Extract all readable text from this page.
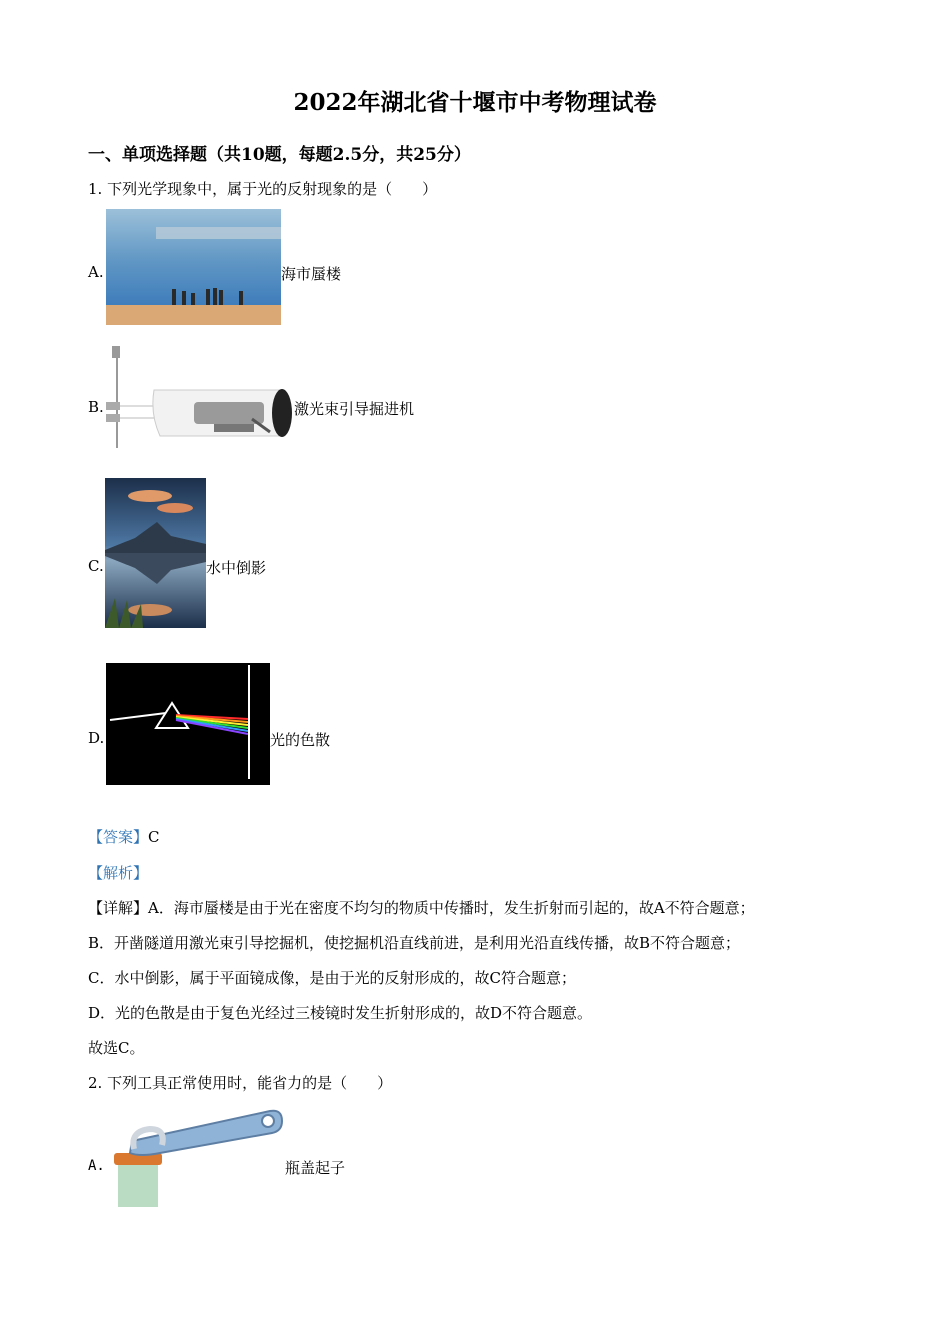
2022年湖北省十堰市中考物理试卷
一、单项选择题（共10题，每题2.5分，共25分）
1. 下列光学现象中，属于光的反射现象的是（　　）
A.	海市蜃楼
B.	激光束引导掘进机
C.	水中倒影
D.	光的色散
【答案】C
【解析】
【详解】A．海市蜃楼是由于光在密度不均匀的物质中传播时，发生折射而引起的，故A不符合题意；
B．开凿隧道用激光束引导挖掘机，使挖掘机沿直线前进，是利用光沿直线传播，故B不符合题意；
C．水中倒影，属于平面镜成像，是由于光的反射形成的，故C符合题意；
D．光的色散是由于复色光经过三棱镜时发生折射形成的，故D不符合题意。
故选C。
2. 下列工具正常使用时，能省力的是（　　）
A.	瓶盖起子
